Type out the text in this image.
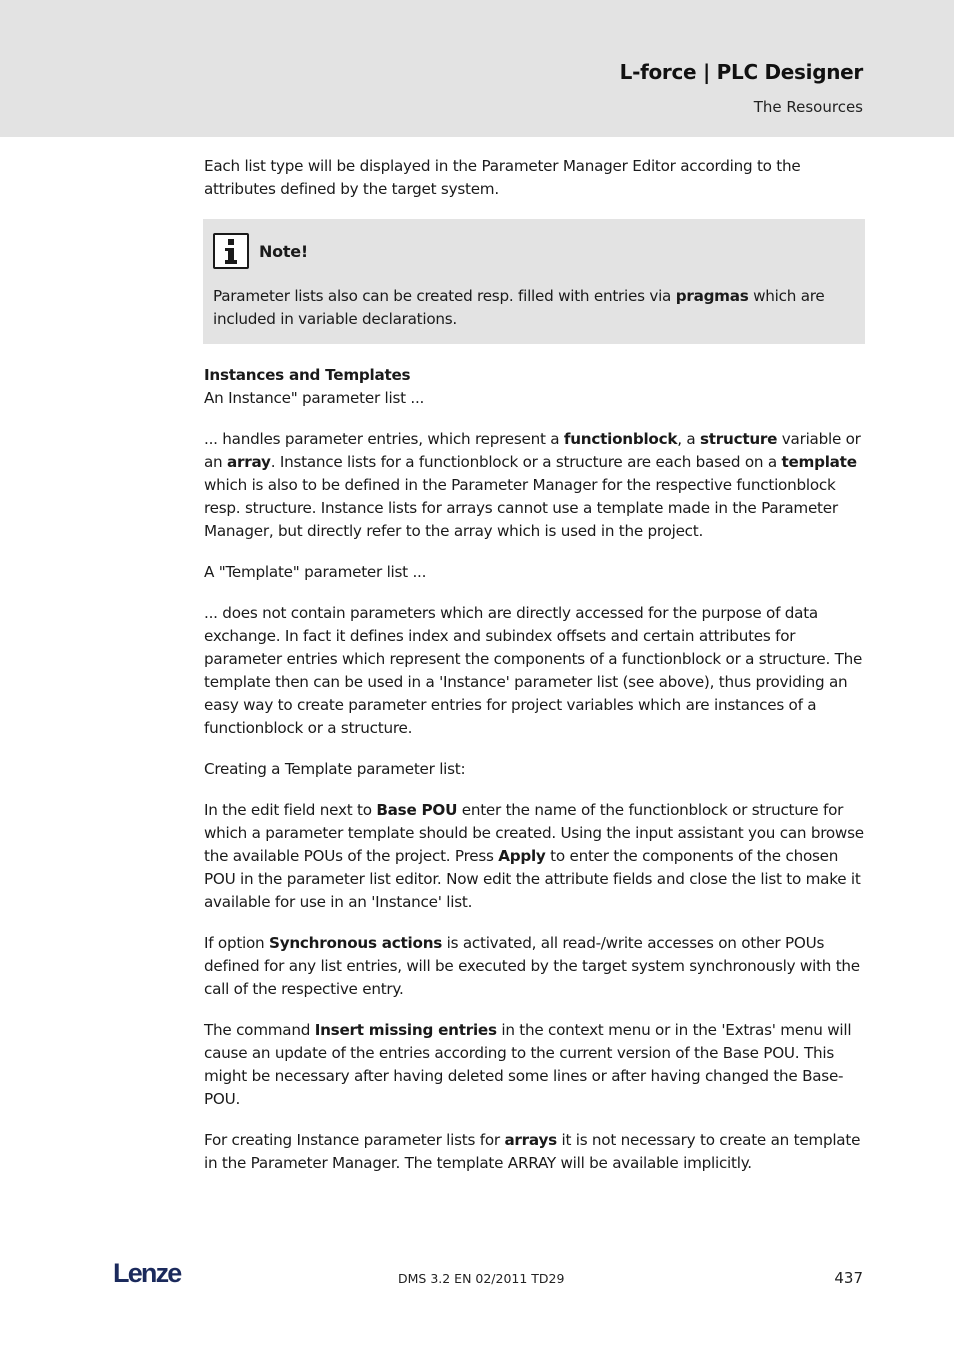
L-force | PLC Designer
The Resources

Each list type will be displayed in the Parameter Manager Editor according to the attributes defined by the target system.

Note!

Parameter lists also can be created resp. filled with entries via pragmas which are included in variable declarations.

Instances and Templates

An Instance" parameter list ...

... handles parameter entries, which represent a functionblock, a structure variable or an array. Instance lists for a functionblock or a structure are each based on a template which is also to be defined in the Parameter Manager for the respective functionblock resp. structure. Instance lists for arrays cannot use a template made in the Parameter Manager, but directly refer to the array which is used in the project.

A "Template" parameter list ...

... does not contain parameters which are directly accessed for the purpose of data exchange. In fact it defines index and subindex offsets and certain attributes for parameter entries which represent the components of a functionblock or a structure. The template then can be used in a 'Instance' parameter list (see above), thus providing an easy way to create parameter entries for project variables which are instances of a functionblock or a structure.

Creating a Template parameter list:

In the edit field next to Base POU enter the name of the functionblock or structure for which a parameter template should be created. Using the input assistant you can browse the available POUs of the project. Press Apply to enter the components of the chosen POU in the parameter list editor. Now edit the attribute fields and close the list to make it available for use in an 'Instance' list.

If option Synchronous actions is activated, all read-/write accesses on other POUs defined for any list entries, will be executed by the target system synchronously with the call of the respective entry.

The command Insert missing entries in the context menu or in the 'Extras' menu will cause an update of the entries according to the current version of the Base POU. This might be necessary after having deleted some lines or after having changed the Base-POU.

For creating Instance parameter lists for arrays it is not necessary to create an template in the Parameter Manager. The template ARRAY will be available implicitly.

Lenze	DMS 3.2 EN 02/2011 TD29	437
